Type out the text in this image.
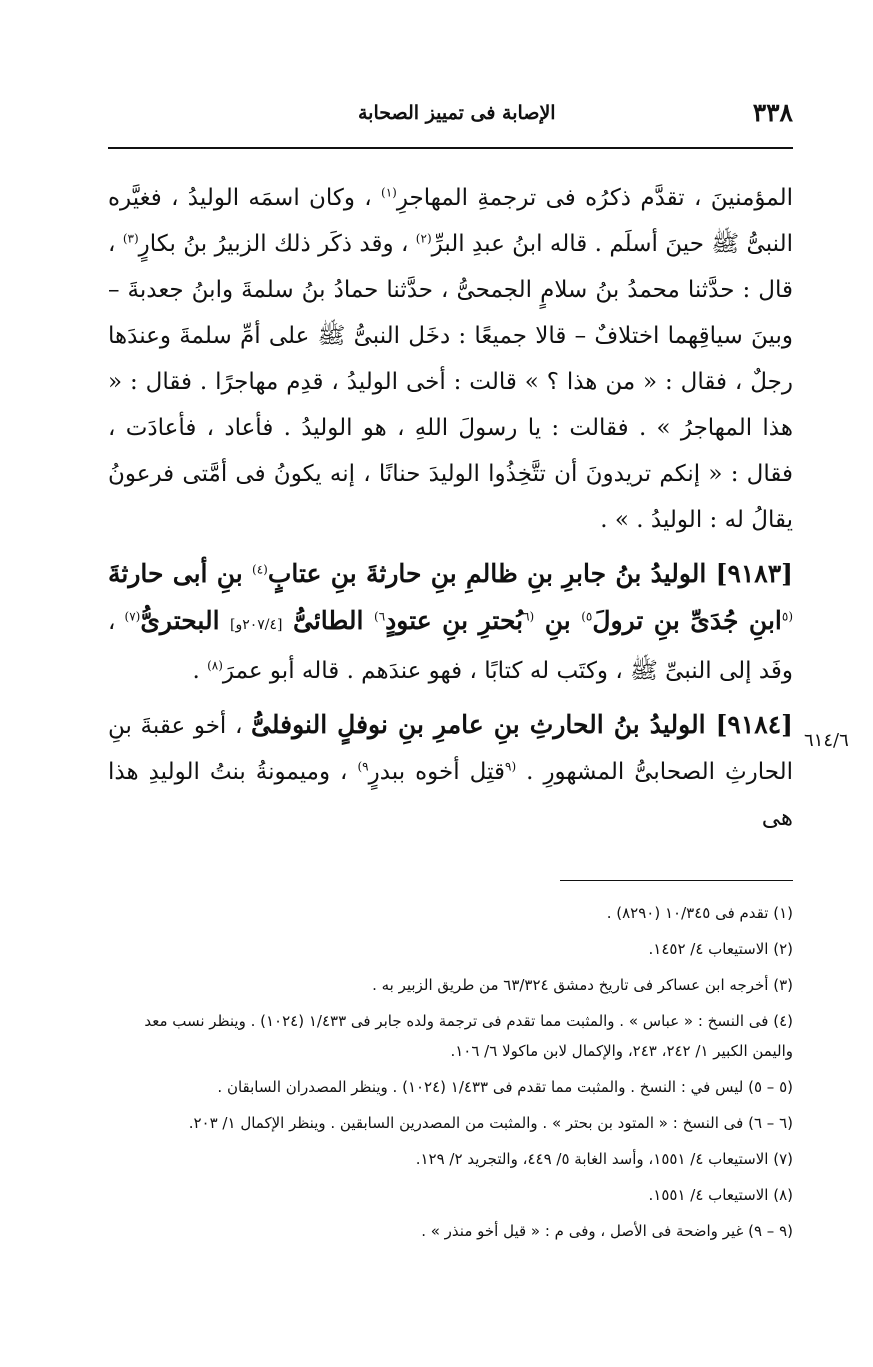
٣٣٨
الإصابة فى تمييز الصحابة

المؤمنينَ ، تقدَّم ذكرُه فى ترجمةِ المهاجرِ$^{(١)}$ ، وكان اسمَه الوليدُ ، فغيَّره النبىُّ ﷺ حينَ أسلَم . قاله ابنُ عبدِ البرِّ$^{(٢)}$ ، وقد ذكَر ذلك الزبيرُ بنُ بكارٍ$^{(٣)}$ ، قال : حدَّثنا محمدُ بنُ سلامٍ الجمحىُّ ، حدَّثنا حمادُ بنُ سلمةَ وابنُ جعدبةَ – وبينَ سياقِهما اختلافٌ – قالا جميعًا : دخَل النبىُّ ﷺ على أمِّ سلمةَ وعندَها رجلٌ ، فقال : « من هذا ؟ » قالت : أخى الوليدُ ، قدِم مهاجرًا . فقال : « هذا المهاجرُ » . فقالت : يا رسولَ اللهِ ، هو الوليدُ . فأعاد ، فأعادَت ، فقال : « إنكم تريدونَ أن تتَّخِذُوا الوليدَ حنانًا ، إنه يكونُ فى أمَّتى فرعونُ يقالُ له : الوليدُ . » .

[٩١٨٣] الوليدُ بنُ جابرِ بنِ ظالمِ بنِ حارثةَ بنِ عتابٍ$^{(٤)}$ بنِ أبى حارثةَ $^{(٥}$ابنِ جُدَىِّ بنِ ترولَ$^{٥)}$ بنِ $^{(٦}$بُحترِ بنِ عتودٍ$^{٦)}$ الطائىُّ [٢٠٧/٤و] البحترىُّ$^{(٧)}$ ، وفَد إلى النبىِّ ﷺ ، وكتَب له كتابًا ، فهو عندَهم . قاله أبو عمرَ$^{(٨)}$ .

[٩١٨٤] الوليدُ بنُ الحارثِ بنِ عامرِ بنِ نوفلٍ النوفلىُّ ، أخو عقبةَ بنِ الحارثِ الصحابىُّ المشهورِ . $^{(٩}$قتِل أخوه ببدرٍ$^{٩)}$ ، وميمونةُ بنتُ الوليدِ هذا هى

٦١٤/٦

(١) تقدم فى ١٠/٣٤٥ (٨٢٩٠) .

(٢) الاستيعاب ٤/ ١٤٥٢.

(٣) أخرجه ابن عساكر فى تاريخ دمشق ٦٣/٣٢٤ من طريق الزبير به .

(٤) فى النسخ : « عباس » . والمثبت مما تقدم فى ترجمة ولده جابر فى ١/٤٣٣ (١٠٢٤) . وينظر نسب معد واليمن الكبير ١/ ٢٤٢، ٢٤٣، والإكمال لابن ماكولا ٦/ ١٠٦.

(٥ – ٥) ليس في : النسخ . والمثبت مما تقدم فى ١/٤٣٣ (١٠٢٤) . وينظر المصدران السابقان .

(٦ – ٦) فى النسخ : « المتود بن بحتر » . والمثبت من المصدرين السابقين . وينظر الإكمال ١/ ٢٠٣.

(٧) الاستيعاب ٤/ ١٥٥١، وأسد الغابة ٥/ ٤٤٩، والتجريد ٢/ ١٢٩.

(٨) الاستيعاب ٤/ ١٥٥١.

(٩ – ٩) غير واضحة فى الأصل ، وفى م : « قيل أخو منذر » .
